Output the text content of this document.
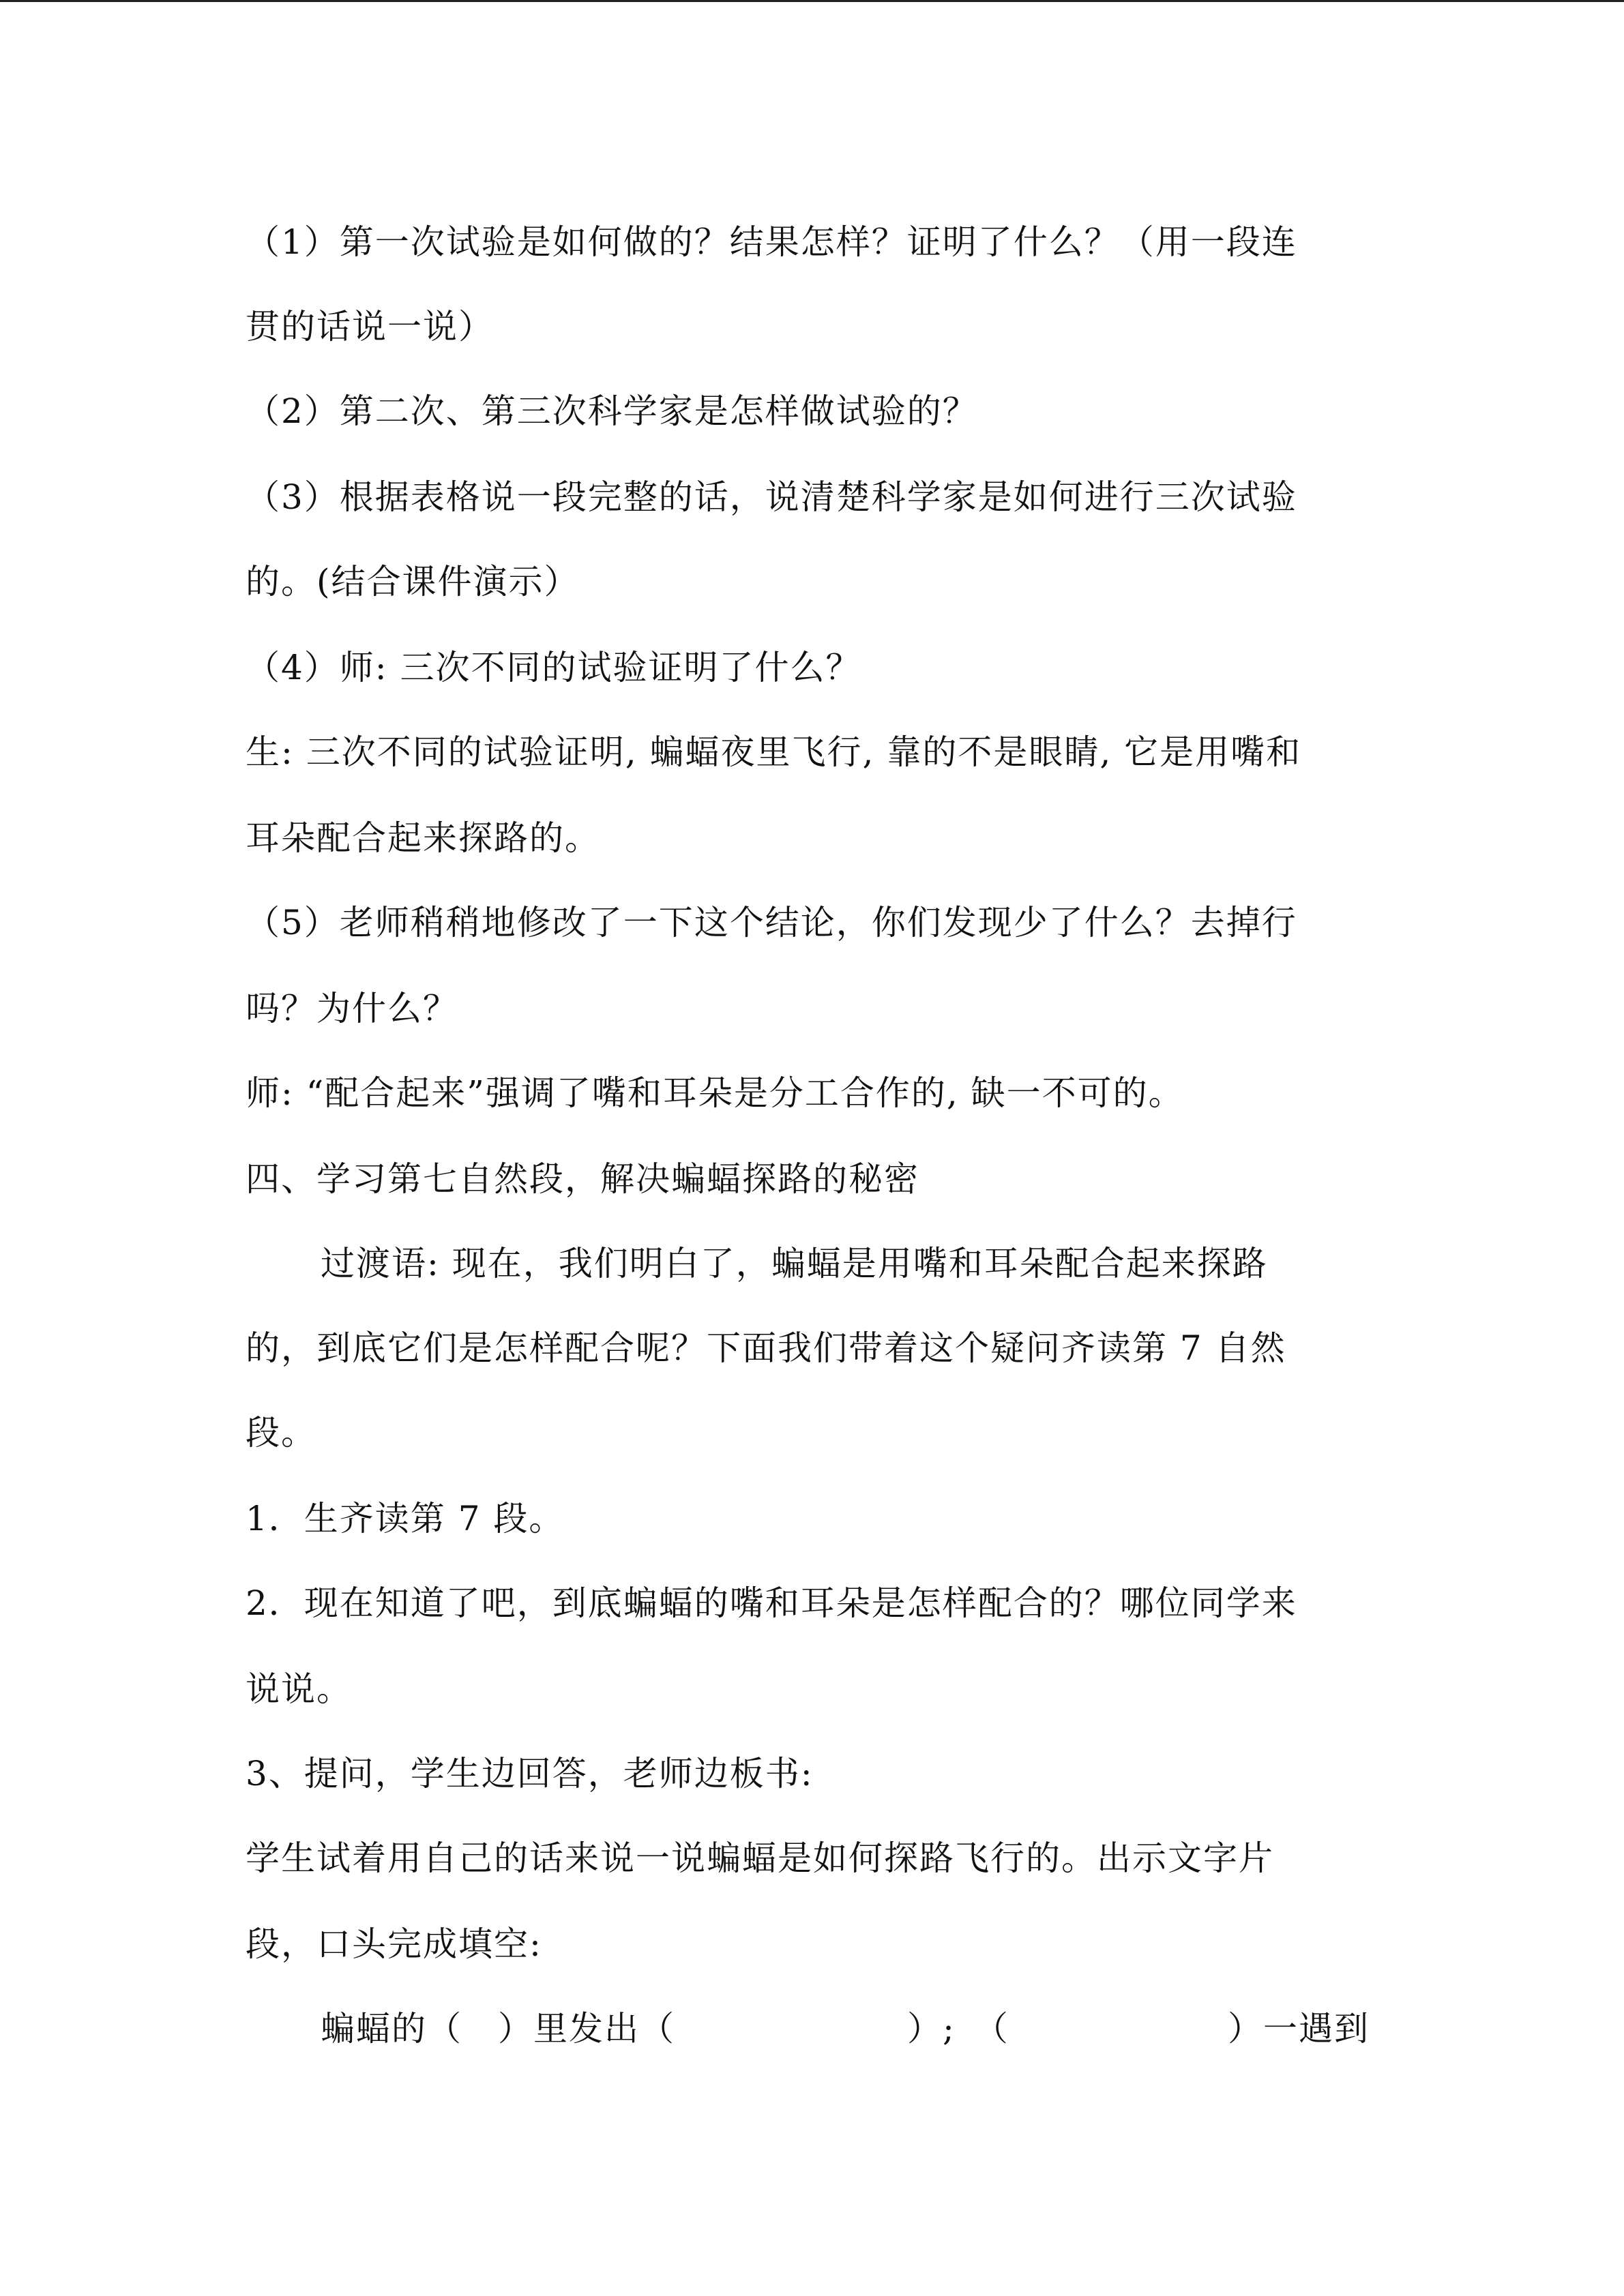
（1）第一次试验是如何做的？结果怎样？证明了什么？（用一段连
贯的话说一说）
（2）第二次、第三次科学家是怎样做试验的？
（3）根据表格说一段完整的话，说清楚科学家是如何进行三次试验
的。(结合课件演示）
（4）师: 三次不同的试验证明了什么？
生: 三次不同的试验证明, 蝙蝠夜里飞行, 靠的不是眼睛, 它是用嘴和
耳朵配合起来探路的。
（5）老师稍稍地修改了一下这个结论，你们发现少了什么？去掉行
吗？为什么？
师: “配合起来”强调了嘴和耳朵是分工合作的, 缺一不可的。
四、学习第七自然段，解决蝙蝠探路的秘密
过渡语: 现在，我们明白了，蝙蝠是用嘴和耳朵配合起来探路
的，到底它们是怎样配合呢？下面我们带着这个疑问齐读第 7 自然
段。
1．生齐读第 7 段。
2．现在知道了吧，到底蝙蝠的嘴和耳朵是怎样配合的？哪位同学来
说说。
3、提问，学生边回答，老师边板书:
学生试着用自己的话来说一说蝙蝠是如何探路飞行的。出示文字片
段，口头完成填空:
蝙蝠的（　）里发出（	）;　（	）一遇到
